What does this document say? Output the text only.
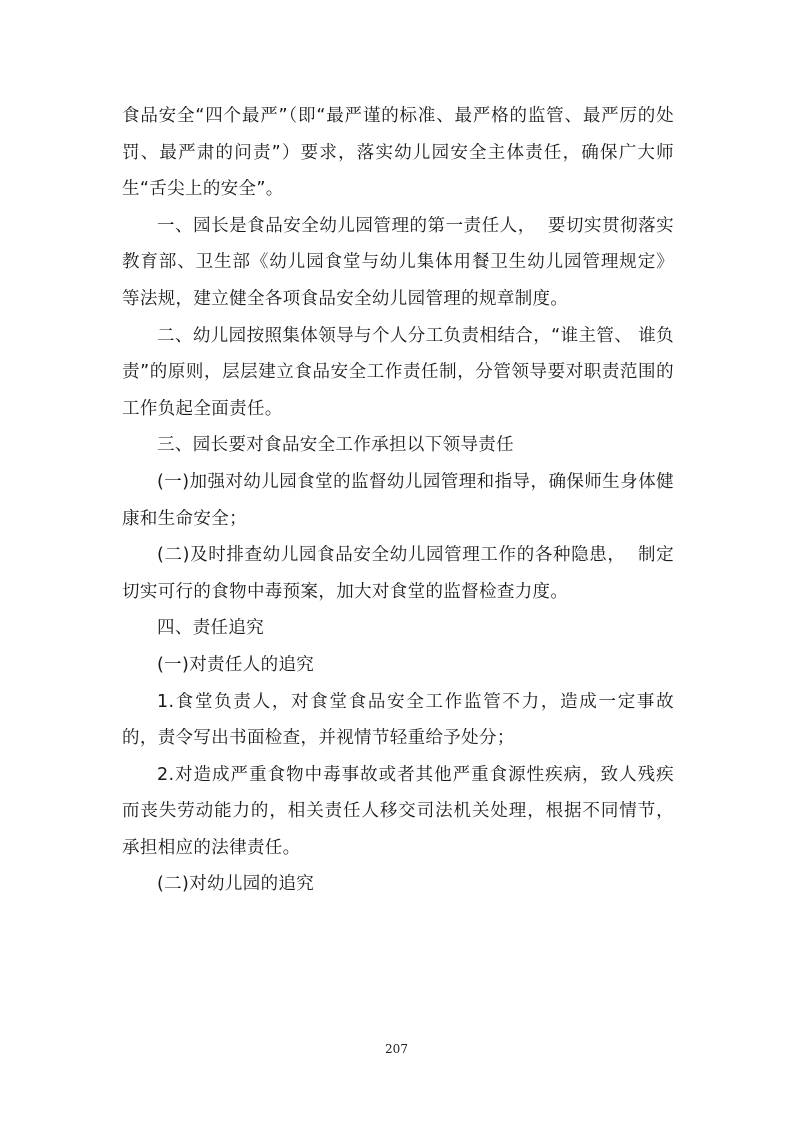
食品安全“四个最严”（即“最严谨的标准、最严格的监管、最严厉的处罚、最严肃的问责”）要求，落实幼儿园安全主体责任，确保广大师生“舌尖上的安全”。

一、园长是食品安全幼儿园管理的第一责任人，  要切实贯彻落实教育部、卫生部《幼儿园食堂与幼儿集体用餐卫生幼儿园管理规定》等法规，建立健全各项食品安全幼儿园管理的规章制度。

二、幼儿园按照集体领导与个人分工负责相结合，“谁主管、 谁负责”的原则，层层建立食品安全工作责任制，分管领导要对职责范围的工作负起全面责任。

三、园长要对食品安全工作承担以下领导责任

(一)加强对幼儿园食堂的监督幼儿园管理和指导，确保师生身体健康和生命安全；

(二)及时排查幼儿园食品安全幼儿园管理工作的各种隐患，  制定切实可行的食物中毒预案，加大对食堂的监督检查力度。

四、责任追究

(一)对责任人的追究

1.食堂负责人，对食堂食品安全工作监管不力，造成一定事故的，责令写出书面检查，并视情节轻重给予处分；

2.对造成严重食物中毒事故或者其他严重食源性疾病，致人残疾而丧失劳动能力的，相关责任人移交司法机关处理，根据不同情节，承担相应的法律责任。

(二)对幼儿园的追究

207
